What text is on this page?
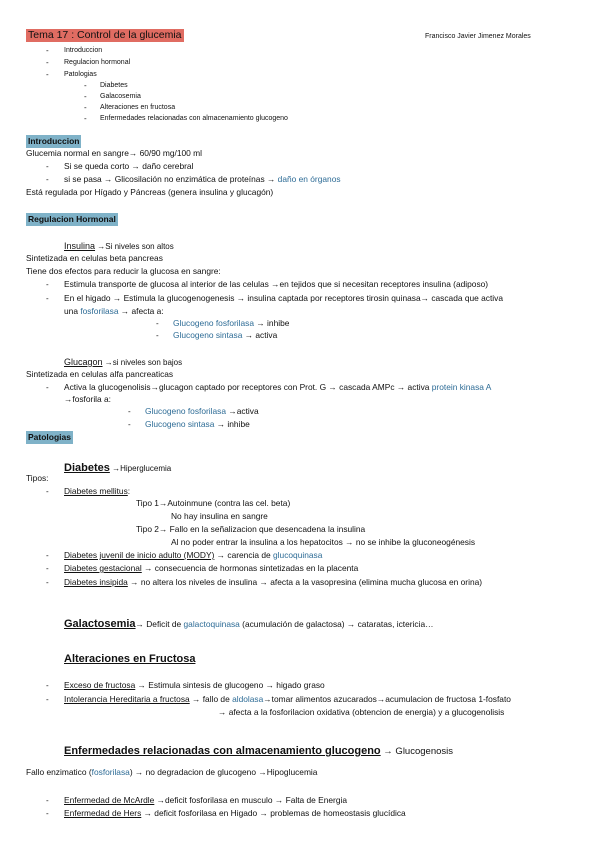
Tema 17 : Control de la glucemia	Francisco Javier Jimenez Morales
- Introduccion
- Regulacion hormonal
- Patologias
- Diabetes
- Galacosemia
- Alteraciones en fructosa
- Enfermedades relacionadas con almacenamiento glucogeno
Introduccion
Glucemia normal en sangre→ 60/90 mg/100 ml
- Si se queda corto → daño cerebral
- si se pasa → Glicosilación no enzimática de proteínas → daño en órganos
Está regulada por Hígado y Páncreas (genera insulina y glucagón)
Regulacion Hormonal
Insulina →Si niveles son altos
Sintetizada en celulas beta pancreas
Tiene dos efectos para reducir la glucosa en sangre:
- Estimula transporte de glucosa al interior de las celulas →en tejidos que si necesitan receptores insulina (adiposo)
- En el higado → Estimula la glucogenogenesis → insulina captada por receptores tirosin quinasa→ cascada que activa
una fosforilasa → afecta a:
- Glucogeno fosforilasa → inhibe
- Glucogeno sintasa → activa
Glucagon →si niveles son bajos
Sintetizada en celulas alfa pancreaticas
- Activa la glucogenolisis→glucagon captado por receptores con Prot. G → cascada AMPc → activa protein kinasa A
→fosforila a:
- Glucogeno fosforilasa →activa
- Glucogeno sintasa → inhibe
Patologias
Diabetes →Hiperglucemia
Tipos:
- Diabetes mellitus:
Tipo 1→Autoinmune (contra las cel. beta)
No hay insulina en sangre
Tipo 2→ Fallo en la señalizacion que desencadena la insulina
Al no poder entrar la insulina a los hepatocitos → no se inhibe la gluconeogénesis
- Diabetes juvenil de inicio adulto (MODY) → carencia de glucoquinasa
- Diabetes gestacional → consecuencia de hormonas sintetizadas en la placenta
- Diabetes insipida → no altera los niveles de insulina → afecta a la vasopresina (elimina mucha glucosa en orina)
Galactosemia→ Deficit de galactoquinasa (acumulación de galactosa) → cataratas, ictericia…
Alteraciones en Fructosa
- Exceso de fructosa → Estimula sintesis de glucogeno → higado graso
- Intolerancia Hereditaria a fructosa → fallo de aldolasa→tomar alimentos azucarados→acumulacion de fructosa 1-fosfato
→ afecta a la fosforilacion oxidativa (obtencion de energia) y a glucogenolisis
Enfermedades relacionadas con almacenamiento glucogeno → Glucogenosis
Fallo enzimatico (fosforilasa) → no degradacion de glucogeno →Hipoglucemia
- Enfermedad de McArdle →deficit fosforilasa en musculo → Falta de Energia
- Enfermedad de Hers → deficit fosforilasa en Higado → problemas de homeostasis glucídica
